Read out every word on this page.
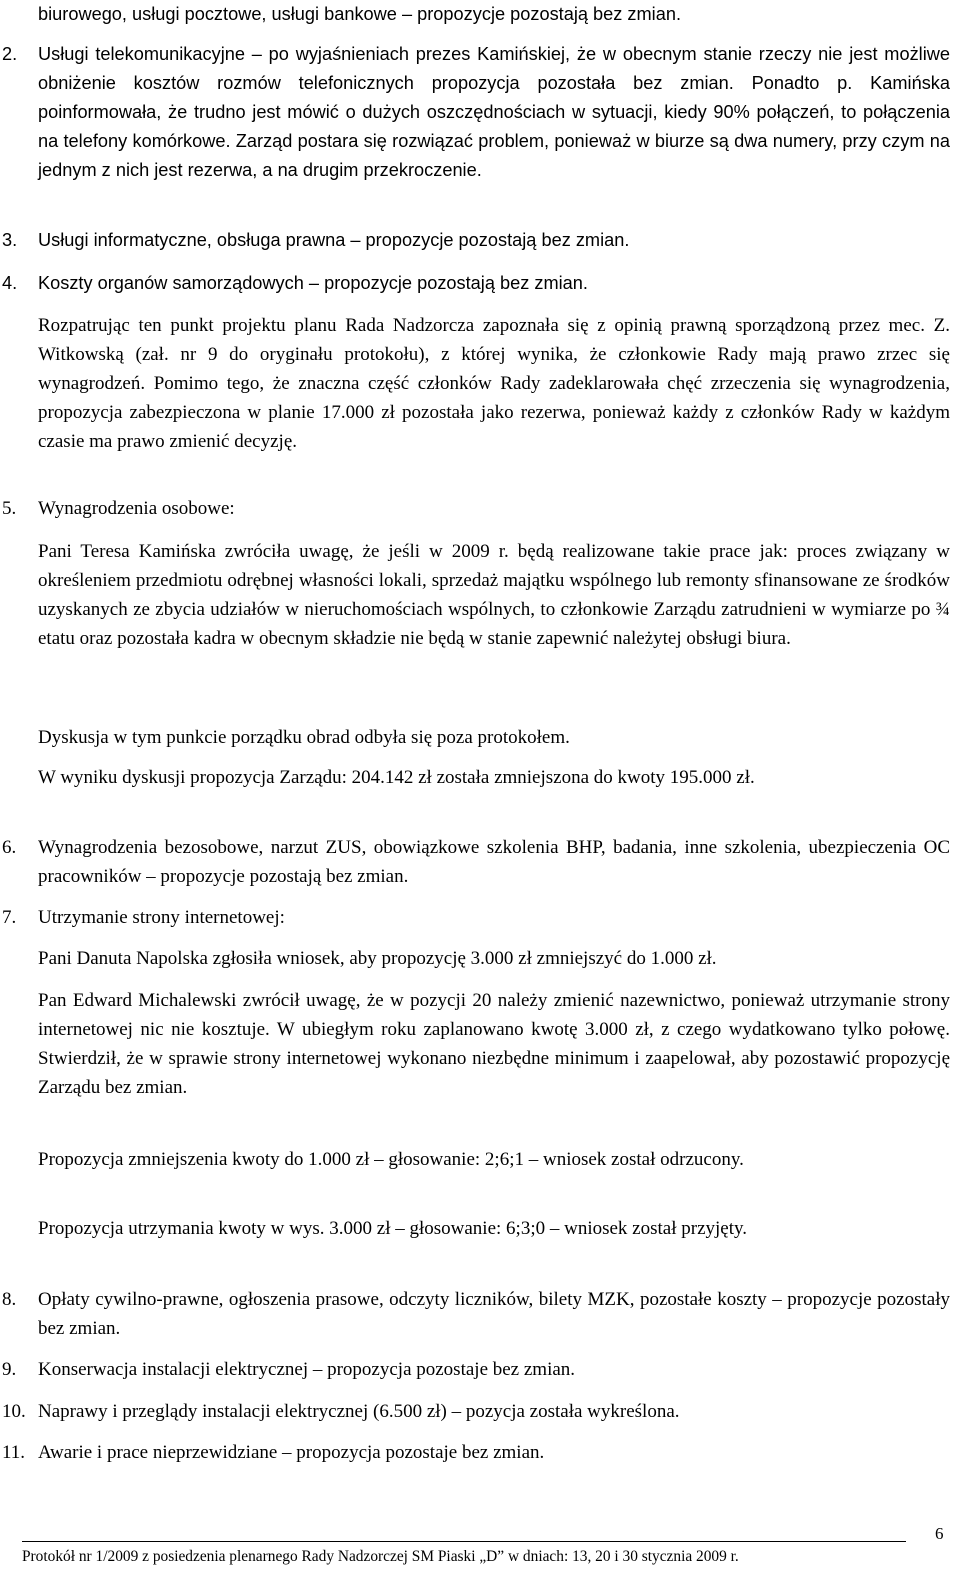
biurowego, usługi pocztowe, usługi bankowe – propozycje pozostają bez zmian.
2. Usługi telekomunikacyjne – po wyjaśnieniach prezes Kamińskiej, że w obecnym stanie rzeczy nie jest możliwe obniżenie kosztów rozmów telefonicznych propozycja pozostała bez zmian. Ponadto p. Kamińska poinformowała, że trudno jest mówić o dużych oszczędnościach w sytuacji, kiedy 90% połączeń, to połączenia na telefony komórkowe. Zarząd postara się rozwiązać problem, ponieważ w biurze są dwa numery, przy czym na jednym z nich jest rezerwa, a na drugim przekroczenie.
3. Usługi informatyczne, obsługa prawna – propozycje pozostają bez zmian.
4. Koszty organów samorządowych – propozycje pozostają bez zmian.
Rozpatrując ten punkt projektu planu Rada Nadzorcza zapoznała się z opinią prawną sporządzoną przez mec. Z. Witkowską (zał. nr 9 do oryginału protokołu), z której wynika, że członkowie Rady mają prawo zrzec się wynagrodzeń. Pomimo tego, że znaczna część członków Rady zadeklarowała chęć zrzeczenia się wynagrodzenia, propozycja zabezpieczona w planie 17.000 zł pozostała jako rezerwa, ponieważ każdy z członków Rady w każdym czasie ma prawo zmienić decyzję.
5. Wynagrodzenia osobowe:
Pani Teresa Kamińska zwróciła uwagę, że jeśli w 2009 r. będą realizowane takie prace jak: proces związany w określeniem przedmiotu odrębnej własności lokali, sprzedaż majątku wspólnego lub remonty sfinansowane ze środków uzyskanych ze zbycia udziałów w nieruchomościach wspólnych, to członkowie Zarządu zatrudnieni w wymiarze po ¾ etatu oraz pozostała kadra w obecnym składzie nie będą w stanie zapewnić należytej obsługi biura.
Dyskusja w tym punkcie porządku obrad odbyła się poza protokołem.
W wyniku dyskusji propozycja Zarządu: 204.142 zł została zmniejszona do kwoty 195.000 zł.
6. Wynagrodzenia bezosobowe, narzut ZUS, obowiązkowe szkolenia BHP, badania, inne szkolenia, ubezpieczenia OC pracowników – propozycje pozostają bez zmian.
7. Utrzymanie strony internetowej:
Pani Danuta Napolska zgłosiła wniosek, aby propozycję 3.000 zł zmniejszyć do 1.000 zł.
Pan Edward Michalewski zwrócił uwagę, że w pozycji 20 należy zmienić nazewnictwo, ponieważ utrzymanie strony internetowej nic nie kosztuje. W ubiegłym roku zaplanowano kwotę 3.000 zł, z czego wydatkowano tylko połowę. Stwierdził, że w sprawie strony internetowej wykonano niezbędne minimum i zaapelował, aby pozostawić propozycję Zarządu bez zmian.
Propozycja zmniejszenia kwoty do 1.000 zł – głosowanie: 2;6;1 – wniosek został odrzucony.
Propozycja utrzymania kwoty w wys. 3.000 zł – głosowanie: 6;3;0 – wniosek został przyjęty.
8. Opłaty cywilno-prawne, ogłoszenia prasowe, odczyty liczników, bilety MZK, pozostałe koszty – propozycje pozostały bez zmian.
9. Konserwacja instalacji elektrycznej – propozycja pozostaje bez zmian.
10. Naprawy i przeglądy instalacji elektrycznej (6.500 zł) – pozycja została wykreślona.
11. Awarie i prace nieprzewidziane – propozycja pozostaje bez zmian.
6
Protokół nr 1/2009 z posiedzenia plenarnego Rady Nadzorczej SM Piaski „D” w dniach: 13, 20 i 30 stycznia 2009 r.
